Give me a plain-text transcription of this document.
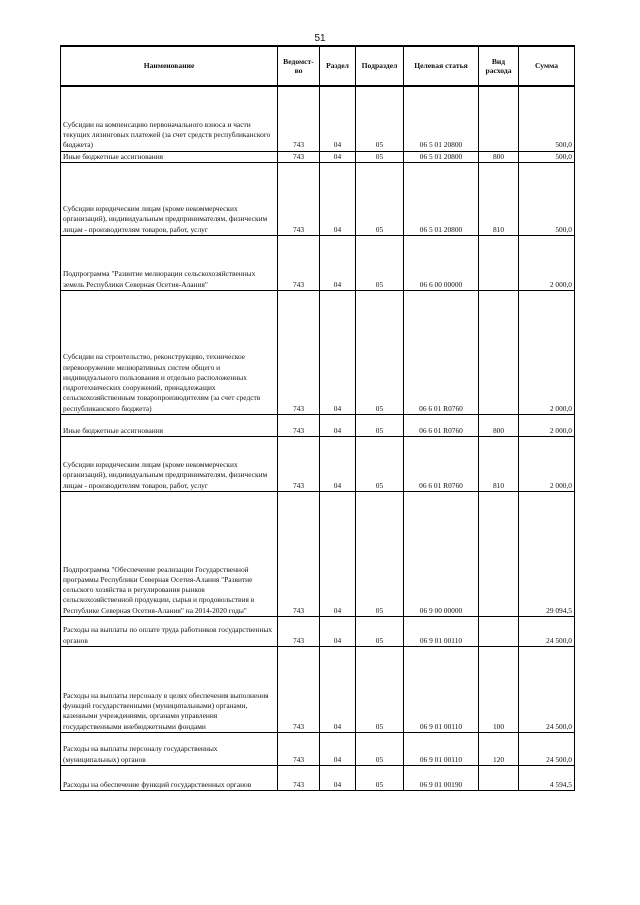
51
Наименование	Ведомст-во	Раздел	Подраздел	Целевая статья	Вид расхода	Сумма
Субсидии на компенсацию первоначального взноса и части текущих лизинговых платежей (за счет средств республиканского бюджета)	743	04	05	06 5 01 20800		500,0
Иные бюджетные ассигнования	743	04	05	06 5 01 20800	800	500,0
Субсидии юридическим лицам (кроме некоммерческих организаций), индивидуальным предпринимателям, физическим лицам - производителям товаров, работ, услуг	743	04	05	06 5 01 20800	810	500,0
Подпрограмма "Развитие мелиорации сельскохозяйственных земель Республики Северная Осетия-Алания"	743	04	05	06 6 00 00000		2 000,0
Субсидии на строительство, реконструкцию, техническое перевооружение мелиоративных систем общего и индивидуального пользования и отдельно расположенных гидротехнических сооружений, принадлежащих сельскохозяйственным товаропроизводителям (за счет средств республиканского бюджета)	743	04	05	06 6 01 R0760		2 000,0
Иные бюджетные ассигнования	743	04	05	06 6 01 R0760	800	2 000,0
Субсидии юридическим лицам (кроме некоммерческих организаций), индивидуальным предпринимателям, физическим лицам - производителям товаров, работ, услуг	743	04	05	06 6 01 R0760	810	2 000,0
Подпрограмма "Обеспечение реализации Государственной программы Республики Северная Осетия-Алания "Развитие сельского хозяйства и регулирования рынков сельскохозяйственной продукции, сырья и продовольствия в Республике Северная Осетия-Алания" на 2014-2020 годы"	743	04	05	06 9 00 00000		29 094,5
Расходы на выплаты по оплате труда работников государственных органов	743	04	05	06 9 01 00110		24 500,0
Расходы на выплаты персоналу в целях обеспечения выполнения функций государственными (муниципальными) органами, казенными учреждениями, органами управления государственными внебюджетными фондами	743	04	05	06 9 01 00110	100	24 500,0
Расходы на выплаты персоналу государственных (муниципальных) органов	743	04	05	06 9 01 00110	120	24 500,0
Расходы на обеспечение функций государственных органов	743	04	05	06 9 01 00190		4 594,5
